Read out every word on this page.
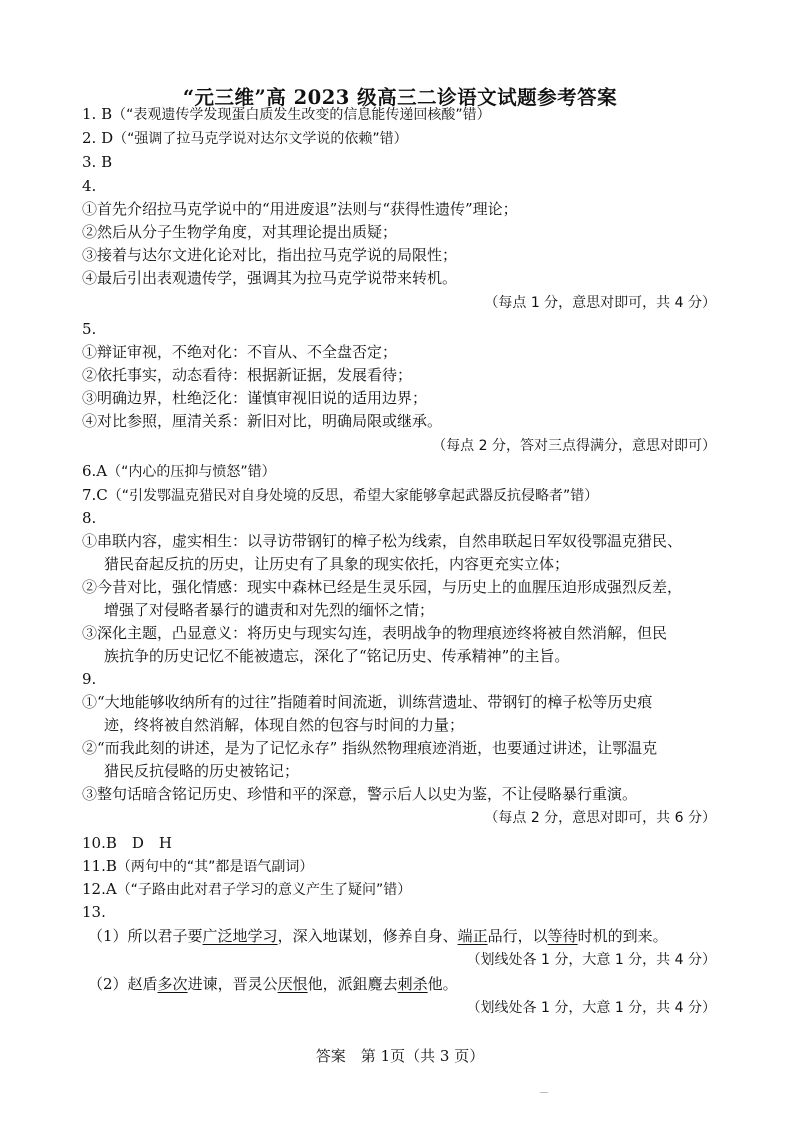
“元三维”高 2023 级高三二诊语文试题参考答案
1. B（“表观遗传学发现蛋白质发生改变的信息能传递回核酸”错）
2. D（“强调了拉马克学说对达尔文学说的依赖”错）
3. B
4.
①首先介绍拉马克学说中的“用进废退”法则与“获得性遗传”理论；
②然后从分子生物学角度，对其理论提出质疑；
③接着与达尔文进化论对比，指出拉马克学说的局限性；
④最后引出表观遗传学，强调其为拉马克学说带来转机。
（每点 1 分，意思对即可，共 4 分）
5.
①辩证审视，不绝对化：不盲从、不全盘否定；
②依托事实，动态看待：根据新证据，发展看待；
③明确边界，杜绝泛化：谨慎审视旧说的适用边界；
④对比参照，厘清关系：新旧对比，明确局限或继承。
（每点 2 分，答对三点得满分，意思对即可）
6.A（“内心的压抑与愤怒”错）
7.C（“引发鄂温克猎民对自身处境的反思，希望大家能够拿起武器反抗侵略者”错）
8.
①串联内容，虚实相生：以寻访带钢钉的樟子松为线索，自然串联起日军奴役鄂温克猎民、
猎民奋起反抗的历史，让历史有了具象的现实依托，内容更充实立体；
②今昔对比，强化情感：现实中森林已经是生灵乐园，与历史上的血腥压迫形成强烈反差，
增强了对侵略者暴行的谴责和对先烈的缅怀之情；
③深化主题，凸显意义：将历史与现实勾连，表明战争的物理痕迹终将被自然消解，但民
族抗争的历史记忆不能被遗忘，深化了“铭记历史、传承精神”的主旨。
9.
①“大地能够收纳所有的过往”指随着时间流逝，训练营遗址、带钢钉的樟子松等历史痕
迹，终将被自然消解，体现自然的包容与时间的力量；
②“而我此刻的讲述，是为了记忆永存” 指纵然物理痕迹消逝，也要通过讲述，让鄂温克
猎民反抗侵略的历史被铭记；
③整句话暗含铭记历史、珍惜和平的深意，警示后人以史为鉴，不让侵略暴行重演。
（每点 2 分，意思对即可，共 6 分）
10.B　D　H
11.B（两句中的“其”都是语气副词）
12.A（“子路由此对君子学习的意义产生了疑问”错）
13.
（1）所以君子要广泛地学习，深入地谋划，修养自身、端正品行，以等待时机的到来。
（划线处各 1 分，大意 1 分，共 4 分）
（2）赵盾多次进谏，晋灵公厌恨他，派鉏麑去刺杀他。
（划线处各 1 分，大意 1 分，共 4 分）
答案　第 1页（共 3 页）
